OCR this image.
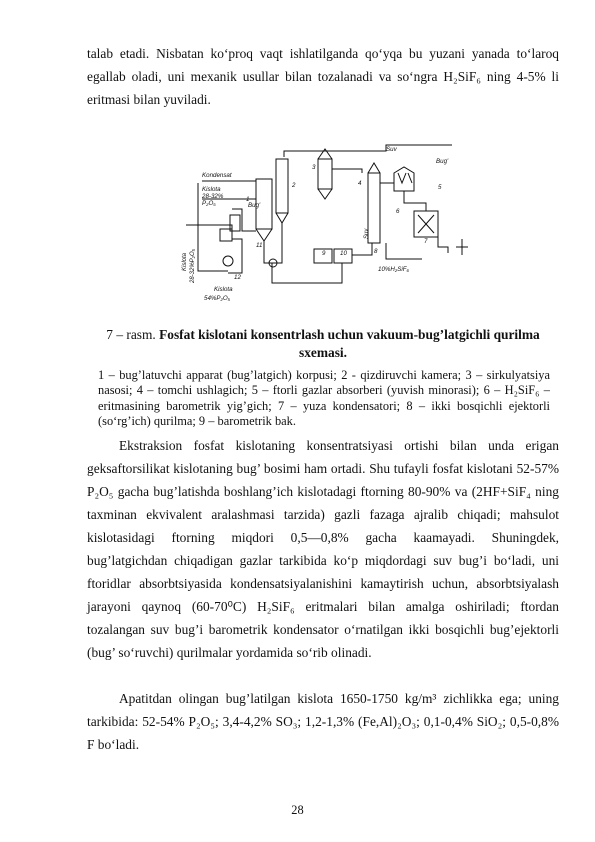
talab etadi. Nisbatan ko‘proq vaqt ishlatilganda qo‘yqa bu yuzani yanada to‘laroq egallab oladi, uni mexanik usullar bilan tozalanadi va so‘ngra H₂SiF₆ ning 4-5% li eritmasi bilan yuviladi.

Kondensat
Kislota
28-32%
P₂O₅
Kislota
54%P₂O₅
Bug'
Bug'
Suv
10%H₂SiF₆
1
2
3
4
5
6
7
8
9 10
11
12
Kislota 28-32%P₂O₅
Suv

7 – rasm. Fosfat kislotani konsentrlash uchun vakuum-bug’latgichli qurilma sxemasi.

1 – bug’latuvchi apparat (bug’latgich) korpusi; 2 - qizdiruvchi kamera; 3 – sirkulyatsiya nasosi; 4 – tomchi ushlagich; 5 – ftorli gazlar absorberi (yuvish minorasi); 6 – H₂SiF₆ – eritmasining barometrik yig’gich; 7 – yuza kondensatori; 8 – ikki bosqichli ejektorli (so‘rg’ich) qurilma; 9 – barometrik bak.

Ekstraksion fosfat kislotaning konsentratsiyasi ortishi bilan unda erigan geksaftorsilikat kislotaning bug’ bosimi ham ortadi. Shu tufayli fosfat kislotani 52-57% P₂O₅ gacha bug’latishda boshlang’ich kislotadagi ftorning 80-90% va (2HF+SiF₄ ning taxminan ekvivalent aralashmasi tarzida) gazli fazaga ajralib chiqadi; mahsulot kislotasidagi ftorning miqdori 0,5—0,8% gacha kaamayadi. Shuningdek, bug’latgichdan chiqadigan gazlar tarkibida ko‘p miqdordagi suv bug’i bo‘ladi, uni ftoridlar absorbtsiyasida kondensatsiyalanishini kamaytirish uchun, absorbtsiyalash jarayoni qaynoq (60-70⁰C) H₂SiF₆ eritmalari bilan amalga oshiriladi; ftordan tozalangan suv bug’i barometrik kondensator o‘rnatilgan ikki bosqichli bug’ejektorli (bug’ so‘ruvchi) qurilmalar yordamida so‘rib olinadi.

Apatitdan olingan bug’latilgan kislota 1650-1750 kg/m³ zichlikka ega; uning tarkibida: 52-54% P₂O₅; 3,4-4,2% SO₃; 1,2-1,3% (Fe,Al)₂O₃; 0,1-0,4% SiO₂; 0,5-0,8% F bo‘ladi.

28
